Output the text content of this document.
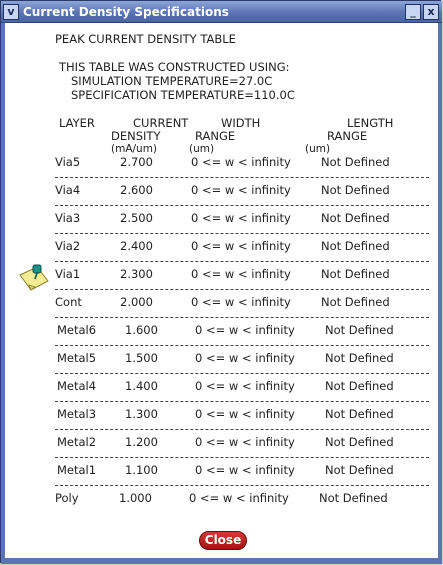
v Current Density Specifications	_	x
PEAK CURRENT DENSITY TABLE
THIS TABLE WAS CONSTRUCTED USING:
SIMULATION TEMPERATURE=27.0C
SPECIFICATION TEMPERATURE=110.0C
LAYER	CURRENT	WIDTH	LENGTH
DENSITY	RANGE	RANGE
(mA/um)	(um)	(um)
Via5	2.700	0 <= w < infinity	Not Defined
Via4	2.600	0 <= w < infinity	Not Defined
Via3	2.500	0 <= w < infinity	Not Defined
Via2	2.400	0 <= w < infinity	Not Defined
Via1	2.300	0 <= w < infinity	Not Defined
Cont	2.000	0 <= w < infinity	Not Defined
Metal6	1.600	0 <= w < infinity	Not Defined
Metal5	1.500	0 <= w < infinity	Not Defined
Metal4	1.400	0 <= w < infinity	Not Defined
Metal3	1.300	0 <= w < infinity	Not Defined
Metal2	1.200	0 <= w < infinity	Not Defined
Metal1	1.100	0 <= w < infinity	Not Defined
Poly	1.000	0 <= w < infinity	Not Defined
Close
